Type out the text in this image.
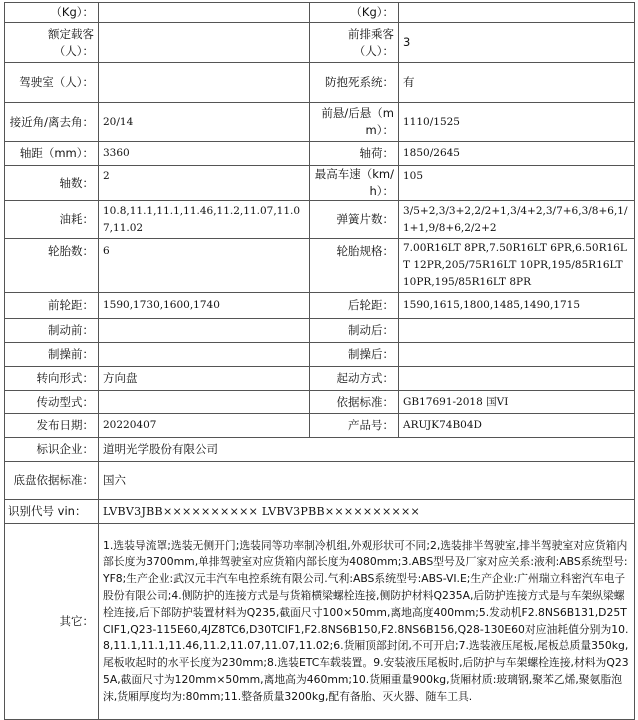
（Kg）：		（Kg）：	
额定载客（人）：		前排乘客（人）：	3
驾驶室（人）：		防抱死系统：	有
接近角/离去角：	20/14	前悬/后悬（mm）：	1110/1525
轴距（mm）：	3360	轴荷：	1850/2645
轴数：	2	最高车速（km/h）：	105
油耗：	10.8,11.1,11.1,11.46,11.2,11.07,11.07,11.02	弹簧片数：	3/5+2,3/3+2,2/2+1,3/4+2,3/7+6,3/8+6,1/1+1,9/8+6,2/2+2
轮胎数：	6	轮胎规格：	7.00R16LT 8PR,7.50R16LT 6PR,6.50R16LT 12PR,205/75R16LT 10PR,195/85R16LT 10PR,195/85R16LT 8PR
前轮距：	1590,1730,1600,1740	后轮距：	1590,1615,1800,1485,1490,1715
制动前：		制动后：	
制操前：		制操后：	
转向形式：	方向盘	起动方式：	
传动型式：		依据标准：	GB17691-2018 国VI
发布日期：	20220407	产品号：	ARUJK74B04D
标识企业：	道明光学股份有限公司		
底盘依据标准：	国六		
识别代号 vin：	LVBV3JBB×××××××××× LVBV3PBB××××××××××		
其它：	1.选装导流罩;选装无侧开门;选装同等功率制冷机组,外观形状可不同;2,选装排半驾驶室,排半驾驶室对应货箱内部长度为3700mm,单排驾驶室对应货箱内部长度为4080mm;3.ABS型号及厂家对应关系:液利:ABS系统型号:YF8;生产企业:武汉元丰汽车电控系统有限公司.气利:ABS系统型号:ABS-VI.E;生产企业:广州瑞立科密汽车电子股份有限公司;4.侧防护的连接方式是与货箱横梁螺栓连接,侧防护材料Q235A,后防护连接方式是与车架纵梁螺栓连接,后下部防护装置材料为Q235,截面尺寸100×50mm,离地高度400mm;5.发动机F2.8NS6B131,D25TCIF1,Q23-115E60,4JZ8TC6,D30TCIF1,F2.8NS6B150,F2.8NS6B156,Q28-130E60对应油耗值分别为10.8,11.1,11.1,11.46,11.2,11.07,11.07,11.02;6.货厢顶部封闭,不可开启;7.选装液压尾板,尾板总质量350kg,尾板收起时的水平长度为230mm;8.选装ETC车载装置。9.安装液压尾板时,后防护与车架螺栓连接,材料为Q235A,截面尺寸为120mm×50mm,离地高为460mm;10.货厢重量900kg,货厢材质:玻璃钢,聚苯乙烯,聚氨脂泡沫,货厢厚度均为:80mm;11.整备质量3200kg,配有备胎、灭火器、随车工具.		
